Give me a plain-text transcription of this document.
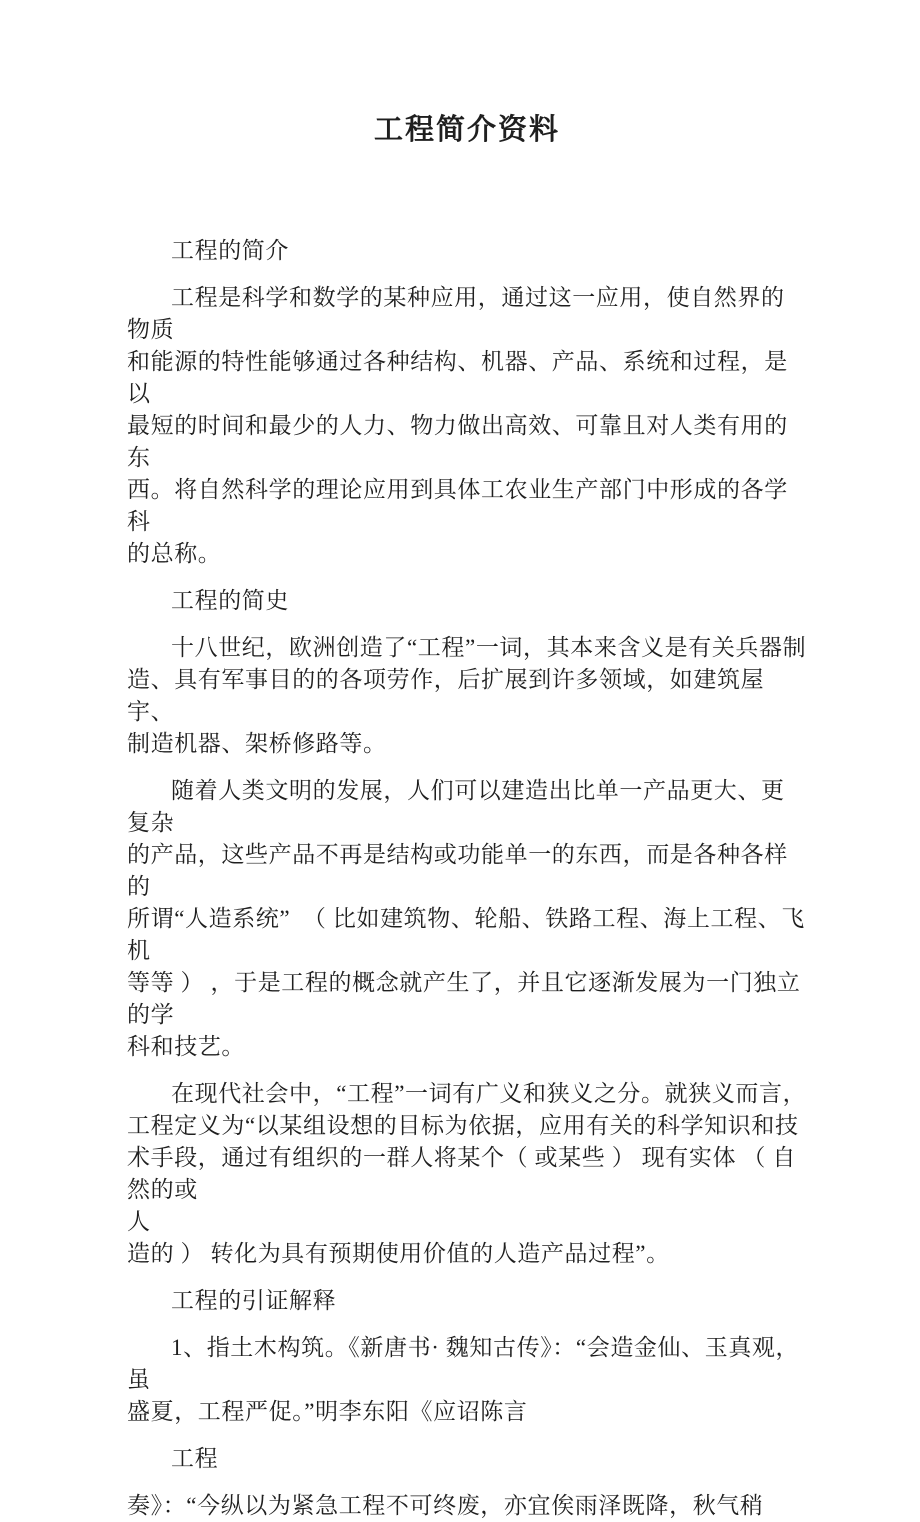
工程简介资料
工程的简介
工程是科学和数学的某种应用，通过这一应用，使自然界的物质
和能源的特性能够通过各种结构、机器、产品、系统和过程，是以
最短的时间和最少的人力、物力做出高效、可靠且对人类有用的东
西。将自然科学的理论应用到具体工农业生产部门中形成的各学科
的总称。
工程的简史
十八世纪，欧洲创造了“工程”一词，其本来含义是有关兵器制
造、具有军事目的的各项劳作，后扩展到许多领域，如建筑屋宇、
制造机器、架桥修路等。
随着人类文明的发展，人们可以建造出比单一产品更大、更复杂
的产品，这些产品不再是结构或功能单一的东西，而是各种各样的
所谓“人造系统”  （ 比如建筑物、轮船、铁路工程、海上工程、飞机
等等 ） ，于是工程的概念就产生了，并且它逐渐发展为一门独立的学
科和技艺。
在现代社会中，“工程”一词有广义和狭义之分。就狭义而言，
工程定义为“以某组设想的目标为依据，应用有关的科学知识和技
术手段，通过有组织的一群人将某个（ 或某些 ） 现有实体 （ 自然的或
人
造的 ） 转化为具有预期使用价值的人造产品过程”。
工程的引证解释
1、指土木构筑。《新唐书· 魏知古传》：“会造金仙、玉真观， 虽
盛夏，工程严促。”明李东阳《应诏陈言
工程
奏》：“今纵以为紧急工程不可终废，亦宜俟雨泽既降，秋气稍
